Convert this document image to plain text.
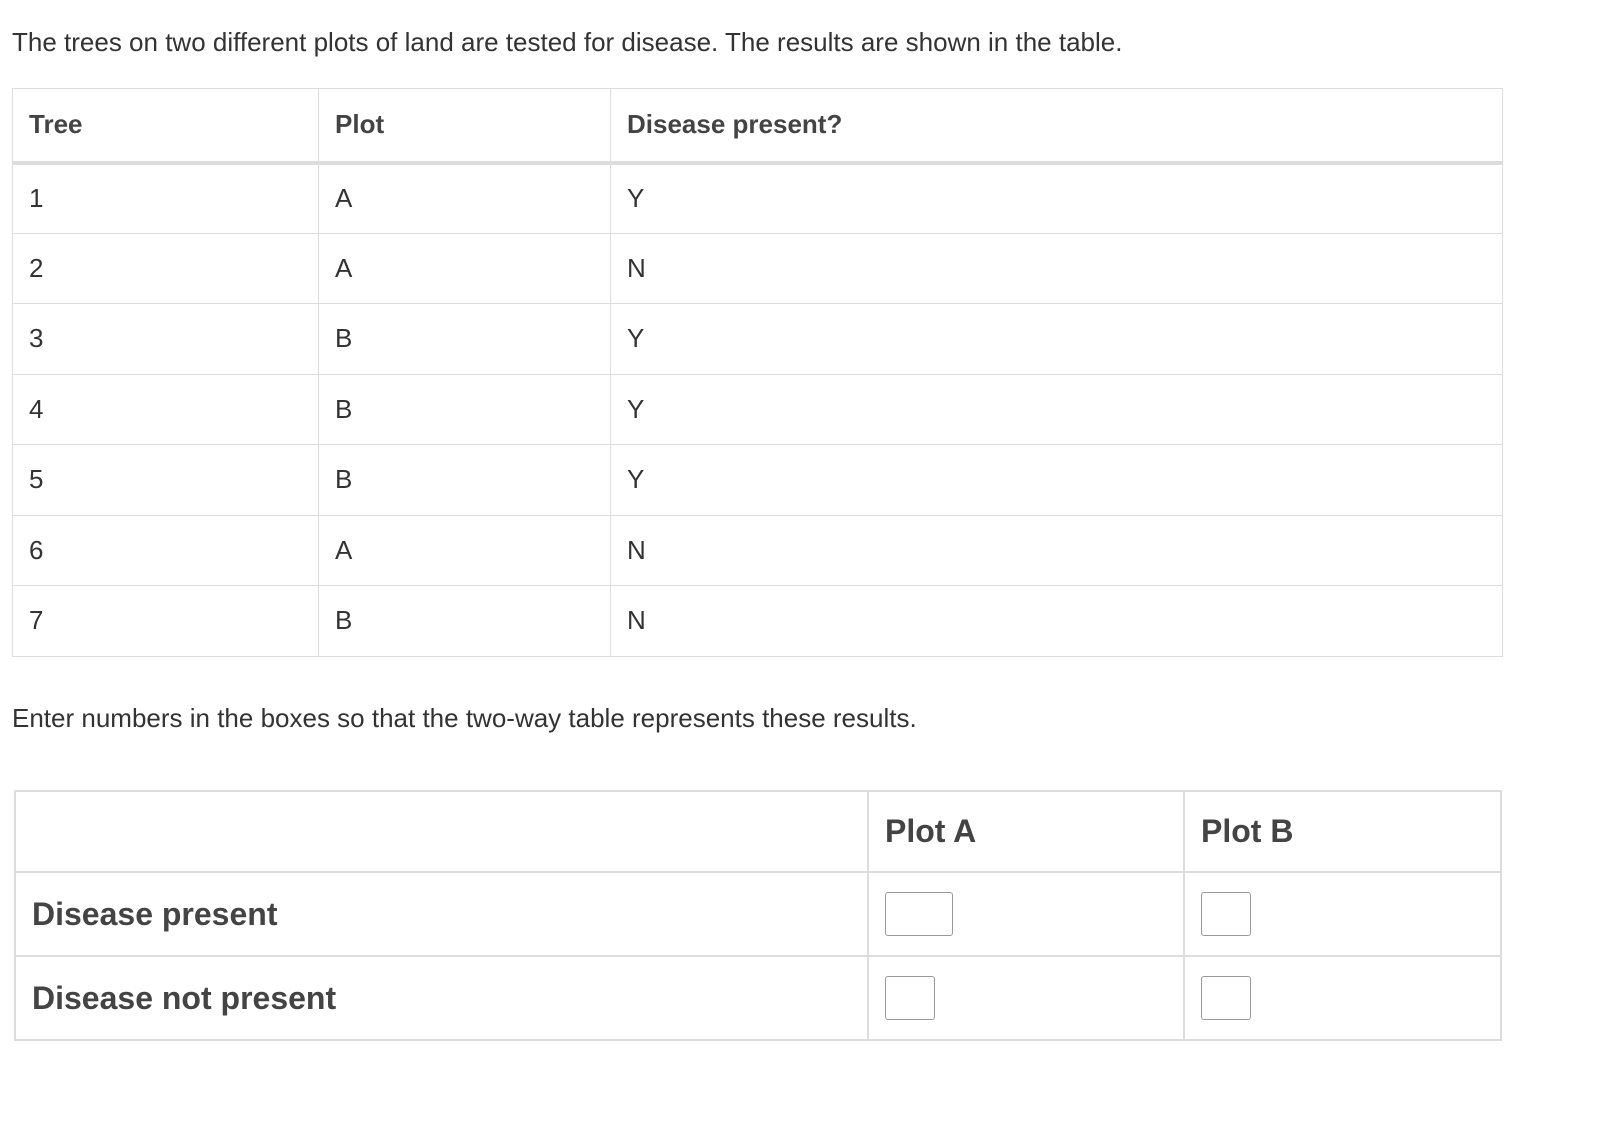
The trees on two different plots of land are tested for disease. The results are shown in the table.
Tree	Plot	Disease present?
1	A	Y
2	A	N
3	B	Y
4	B	Y
5	B	Y
6	A	N
7	B	N
Enter numbers in the boxes so that the two-way table represents these results.
	Plot A	Plot B
Disease present		
Disease not present		
